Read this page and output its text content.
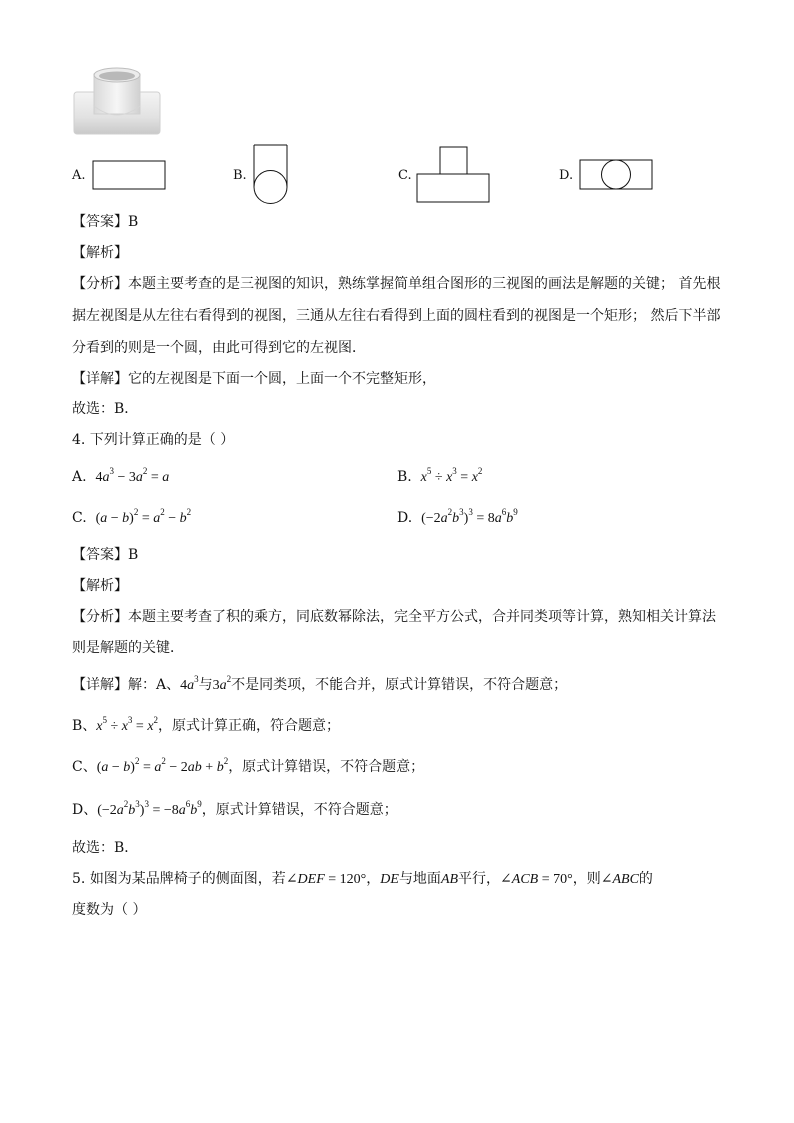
A.	B.	C.	D.
【答案】B
【解析】
【分析】本题主要考查的是三视图的知识，熟练掌握简单组合图形的三视图的画法是解题的关键； 首先根
据左视图是从左往右看得到的视图，三通从左往右看得到上面的圆柱看到的视图是一个矩形； 然后下半部
分看到的则是一个圆，由此可得到它的左视图．
【详解】它的左视图是下面一个圆，上面一个不完整矩形，
故选：B．
4. 下列计算正确的是（ ）
A. $4a^3 - 3a^2 = a$	B. $x^5 \div x^3 = x^2$
C. $(a - b)^2 = a^2 - b^2$	D. $(-2a^2b^3)^3 = 8a^6b^9$
【答案】B
【解析】
【分析】本题主要考查了积的乘方，同底数幂除法，完全平方公式，合并同类项等计算，熟知相关计算法
则是解题的关键．
【详解】解：A、$4a^3$与$3a^2$不是同类项，不能合并，原式计算错误，不符合题意；
B、$x^5 \div x^3 = x^2$，原式计算正确，符合题意；
C、$(a - b)^2 = a^2 - 2ab + b^2$，原式计算错误，不符合题意；
D、$(-2a^2b^3)^3 = -8a^6b^9$，原式计算错误，不符合题意；
故选：B．
5. 如图为某品牌椅子的侧面图，若∠DEF = 120°，DE与地面AB平行，∠ACB = 70°，则∠ABC的
度数为（ ）
